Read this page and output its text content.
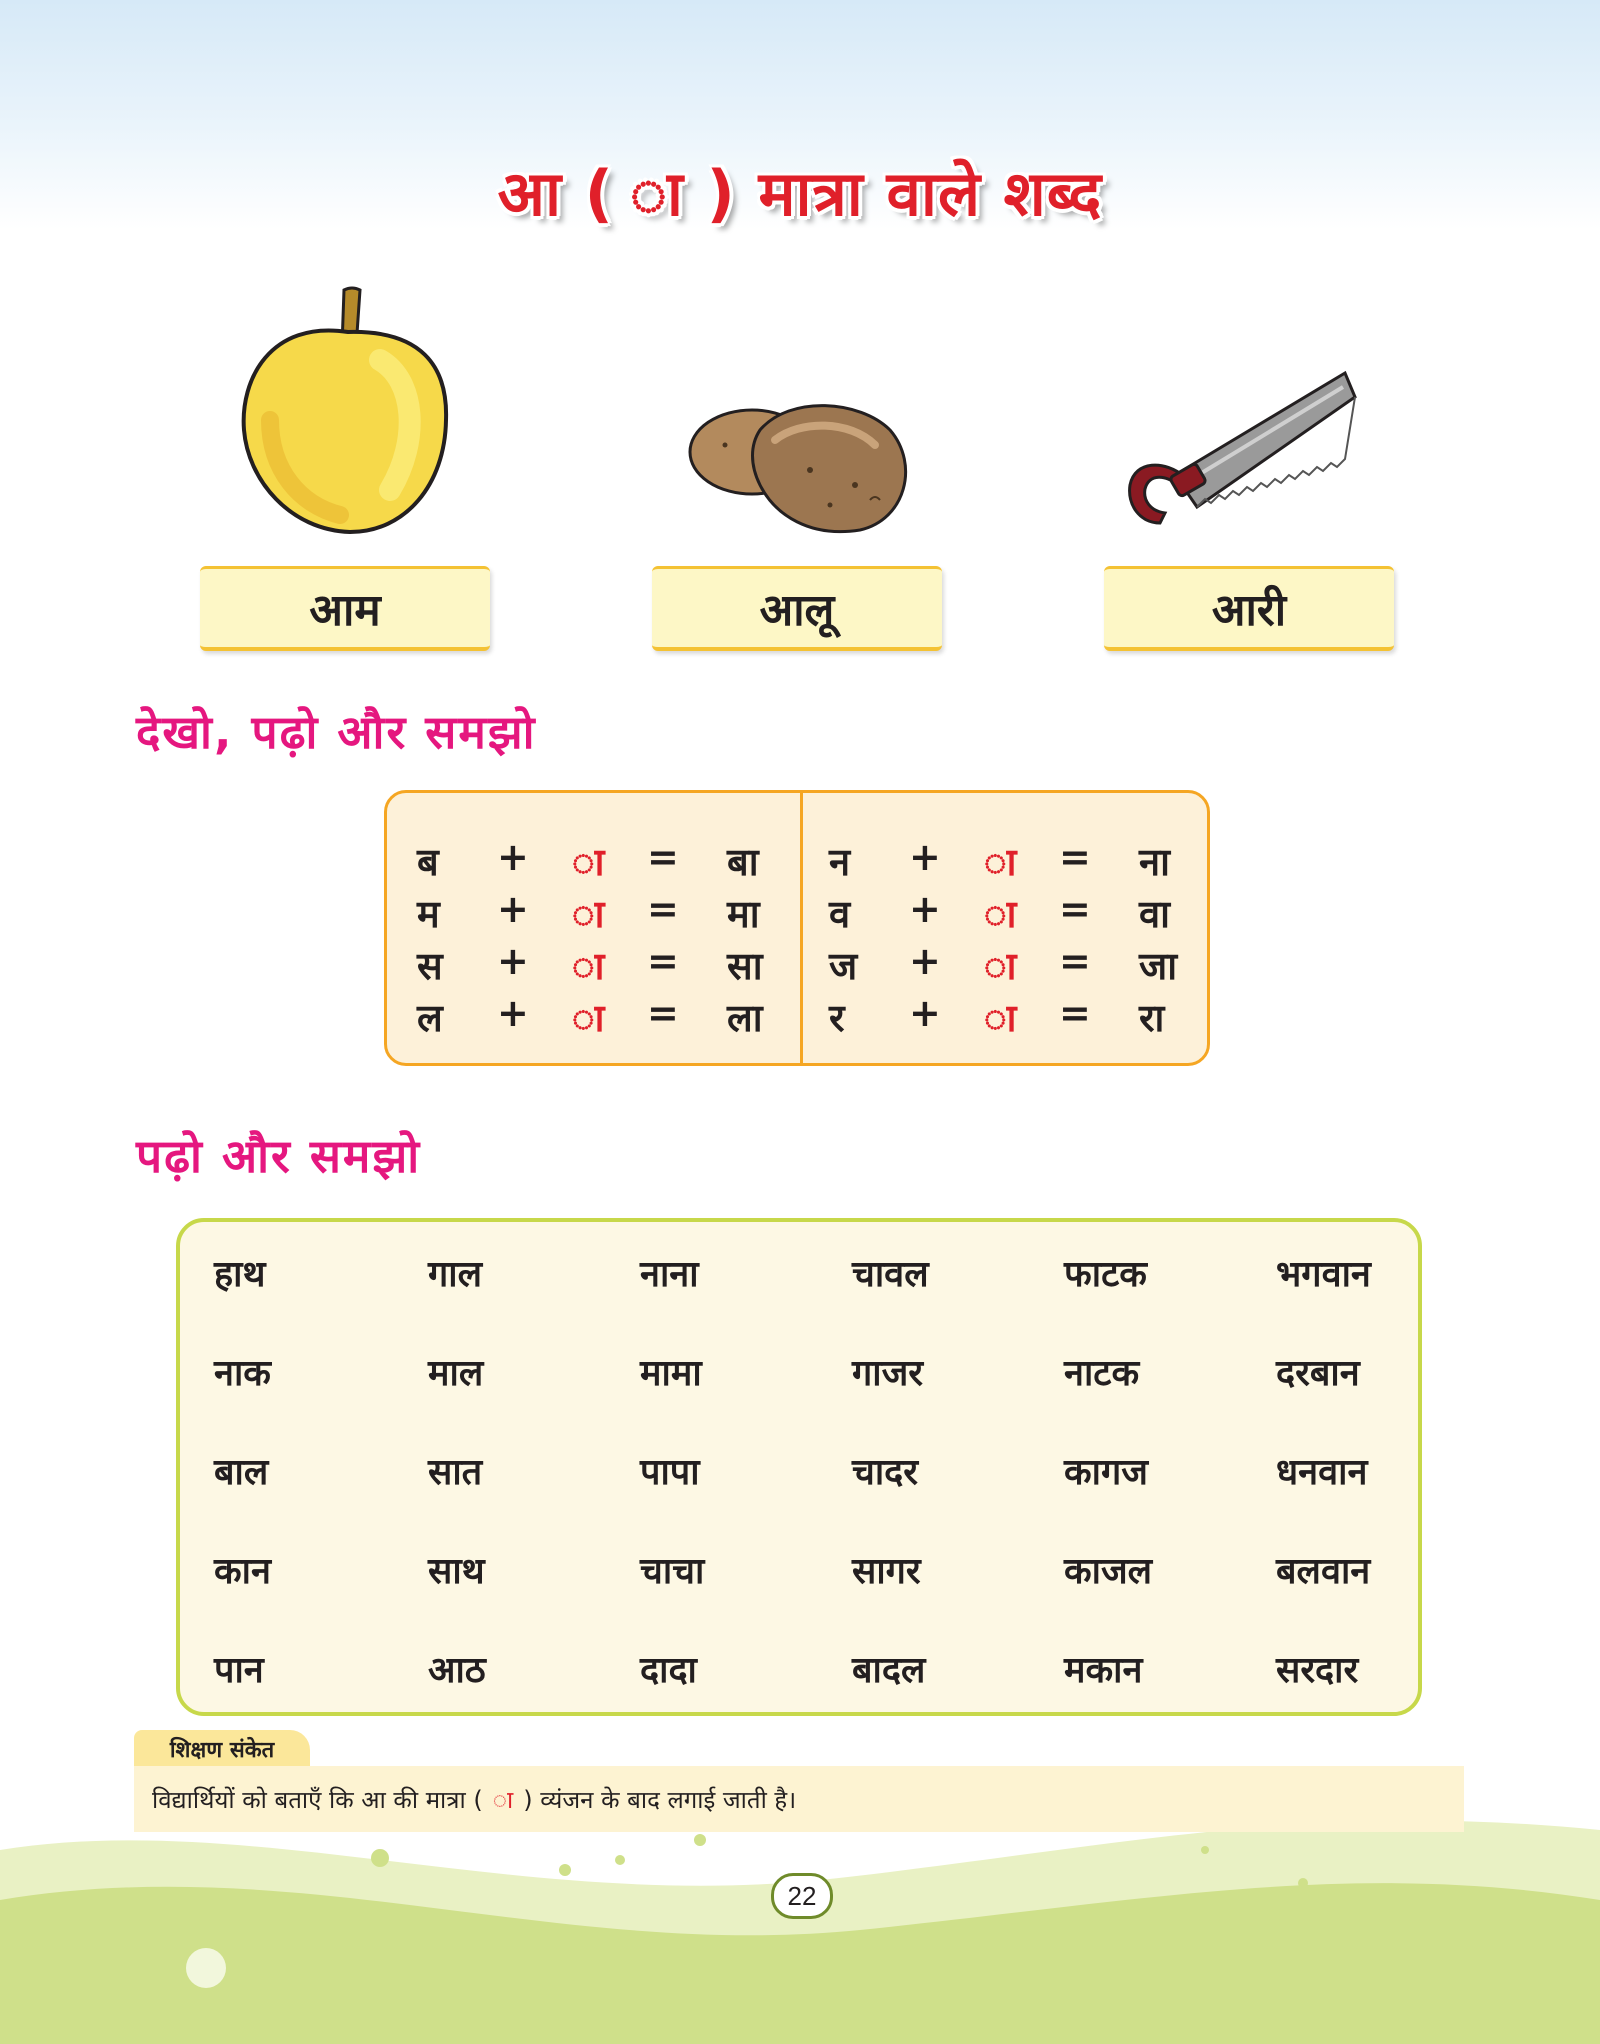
आ ( ा ) मात्रा वाले शब्द
आम	आलू	आरी
देखो, पढ़ो और समझो
ब + ा = बा
म + ा = मा
स + ा = सा
ल + ा = ला
न + ा = ना
व + ा = वा
ज + ा = जा
र + ा = रा
पढ़ो और समझो
हाथ	गाल	नाना	चावल	फाटक	भगवान
नाक	माल	मामा	गाजर	नाटक	दरबान
बाल	सात	पापा	चादर	कागज	धनवान
कान	साथ	चाचा	सागर	काजल	बलवान
पान	आठ	दादा	बादल	मकान	सरदार
शिक्षण संकेत
विद्यार्थियों को बताएँ कि आ की मात्रा ( ा ) व्यंजन के बाद लगाई जाती है।
22
